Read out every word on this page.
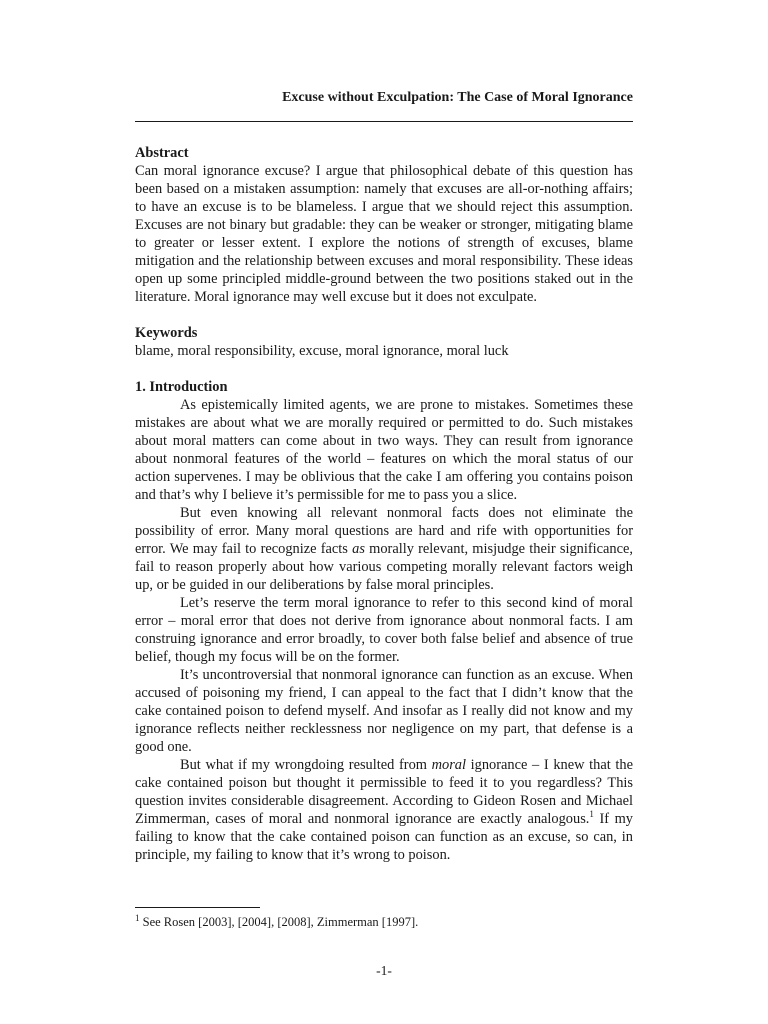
Excuse without Exculpation: The Case of Moral Ignorance
Abstract

Can moral ignorance excuse? I argue that philosophical debate of this question has been based on a mistaken assumption: namely that excuses are all-or-nothing affairs; to have an excuse is to be blameless. I argue that we should reject this assumption. Excuses are not binary but gradable: they can be weaker or stronger, mitigating blame to greater or lesser extent. I explore the notions of strength of excuses, blame mitigation and the relationship between excuses and moral responsibility. These ideas open up some principled middle-ground between the two positions staked out in the literature. Moral ignorance may well excuse but it does not exculpate.

Keywords

blame, moral responsibility, excuse, moral ignorance, moral luck

1. Introduction

As epistemically limited agents, we are prone to mistakes. Sometimes these mistakes are about what we are morally required or permitted to do. Such mistakes about moral matters can come about in two ways. They can result from ignorance about nonmoral features of the world – features on which the moral status of our action supervenes. I may be oblivious that the cake I am offering you contains poison and that’s why I believe it’s permissible for me to pass you a slice.

But even knowing all relevant nonmoral facts does not eliminate the possibility of error. Many moral questions are hard and rife with opportunities for error. We may fail to recognize facts as morally relevant, misjudge their significance, fail to reason properly about how various competing morally relevant factors weigh up, or be guided in our deliberations by false moral principles.

Let’s reserve the term moral ignorance to refer to this second kind of moral error – moral error that does not derive from ignorance about nonmoral facts. I am construing ignorance and error broadly, to cover both false belief and absence of true belief, though my focus will be on the former.

It’s uncontroversial that nonmoral ignorance can function as an excuse. When accused of poisoning my friend, I can appeal to the fact that I didn’t know that the cake contained poison to defend myself. And insofar as I really did not know and my ignorance reflects neither recklessness nor negligence on my part, that defense is a good one.

But what if my wrongdoing resulted from moral ignorance – I knew that the cake contained poison but thought it permissible to feed it to you regardless? This question invites considerable disagreement. According to Gideon Rosen and Michael Zimmerman, cases of moral and nonmoral ignorance are exactly analogous.$^1$ If my failing to know that the cake contained poison can function as an excuse, so can, in principle, my failing to know that it’s wrong to poison.

$^1$ See Rosen [2003], [2004], [2008], Zimmerman [1997].
-1-
